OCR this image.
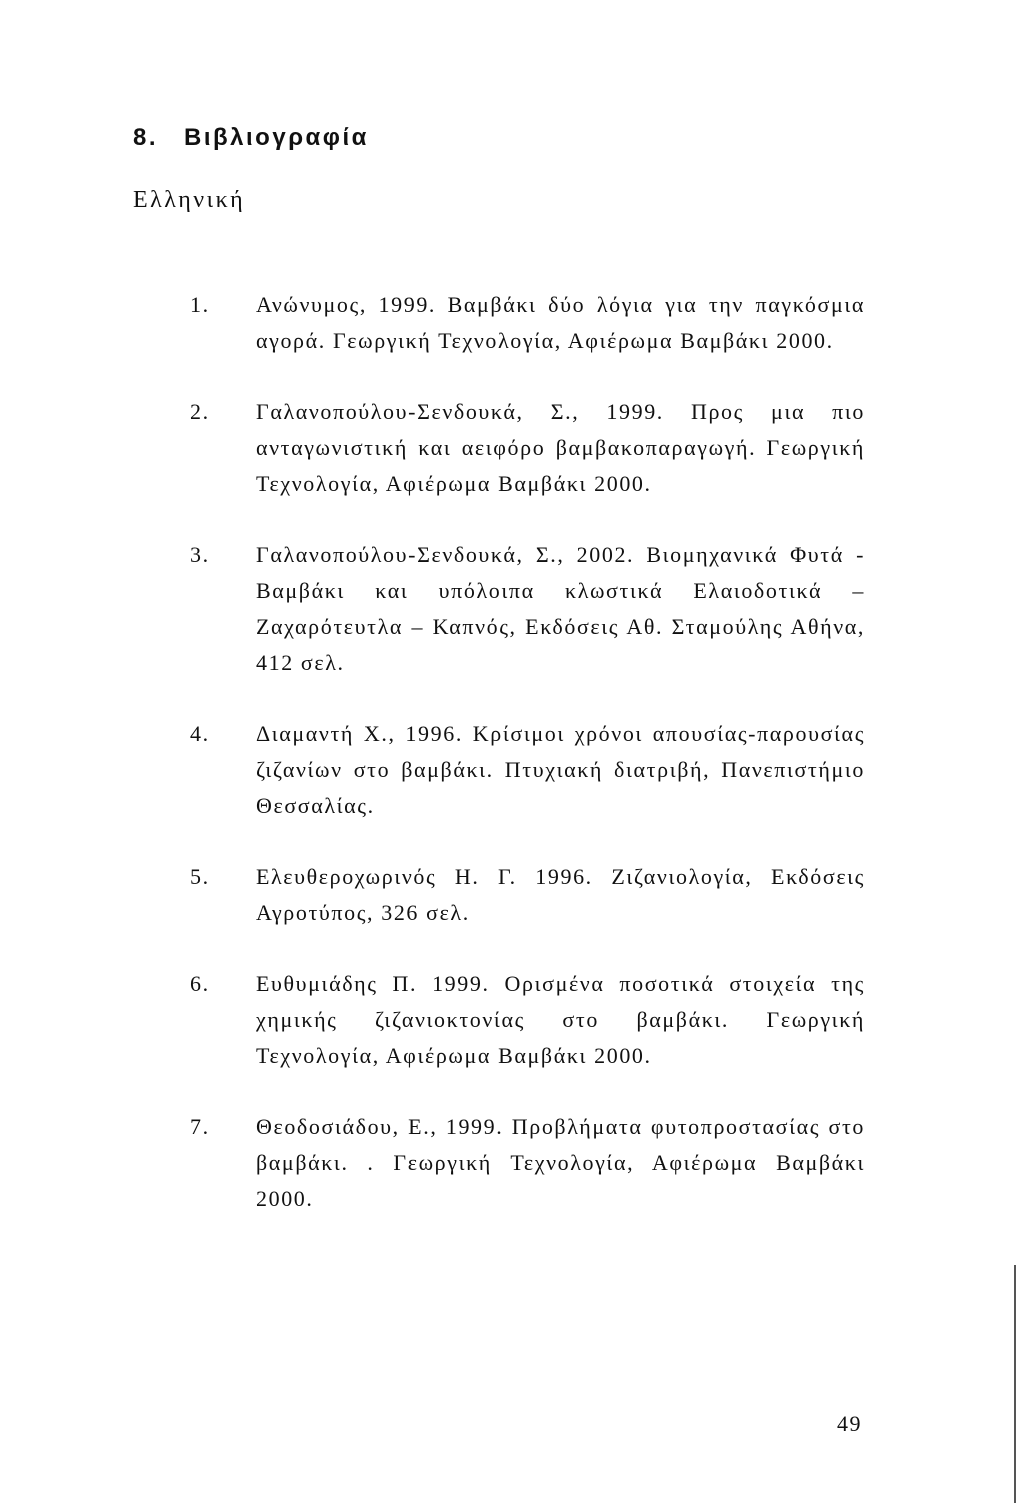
8. Βιβλιογραφία
Ελληνική
1.	Ανώνυμος, 1999. Βαμβάκι δύο λόγια για την παγκόσμια αγορά. Γεωργική Τεχνολογία, Αφιέρωμα Βαμβάκι 2000.
2.	Γαλανοπούλου-Σενδουκά, Σ., 1999. Προς μια πιο ανταγωνιστική και αειφόρο βαμβακοπαραγωγή. Γεωργική Τεχνολογία, Αφιέρωμα Βαμβάκι 2000.
3.	Γαλανοπούλου-Σενδουκά, Σ., 2002. Βιομηχανικά Φυτά - Βαμβάκι και υπόλοιπα κλωστικά Ελαιοδοτικά – Ζαχαρότευτλα – Καπνός, Εκδόσεις Αθ. Σταμούλης Αθήνα, 412 σελ.
4.	Διαμαντή Χ., 1996. Κρίσιμοι χρόνοι απουσίας-παρουσίας ζιζανίων στο βαμβάκι. Πτυχιακή διατριβή, Πανεπιστήμιο Θεσσαλίας.
5.	Ελευθεροχωρινός Η. Γ. 1996. Ζιζανιολογία, Εκδόσεις Αγροτύπος, 326 σελ.
6.	Ευθυμιάδης Π. 1999. Ορισμένα ποσοτικά στοιχεία της χημικής ζιζανιοκτονίας στο βαμβάκι. Γεωργική Τεχνολογία, Αφιέρωμα Βαμβάκι 2000.
7.	Θεοδοσιάδου, Ε., 1999. Προβλήματα φυτοπροστασίας στο βαμβάκι. . Γεωργική Τεχνολογία, Αφιέρωμα Βαμβάκι 2000.
49
